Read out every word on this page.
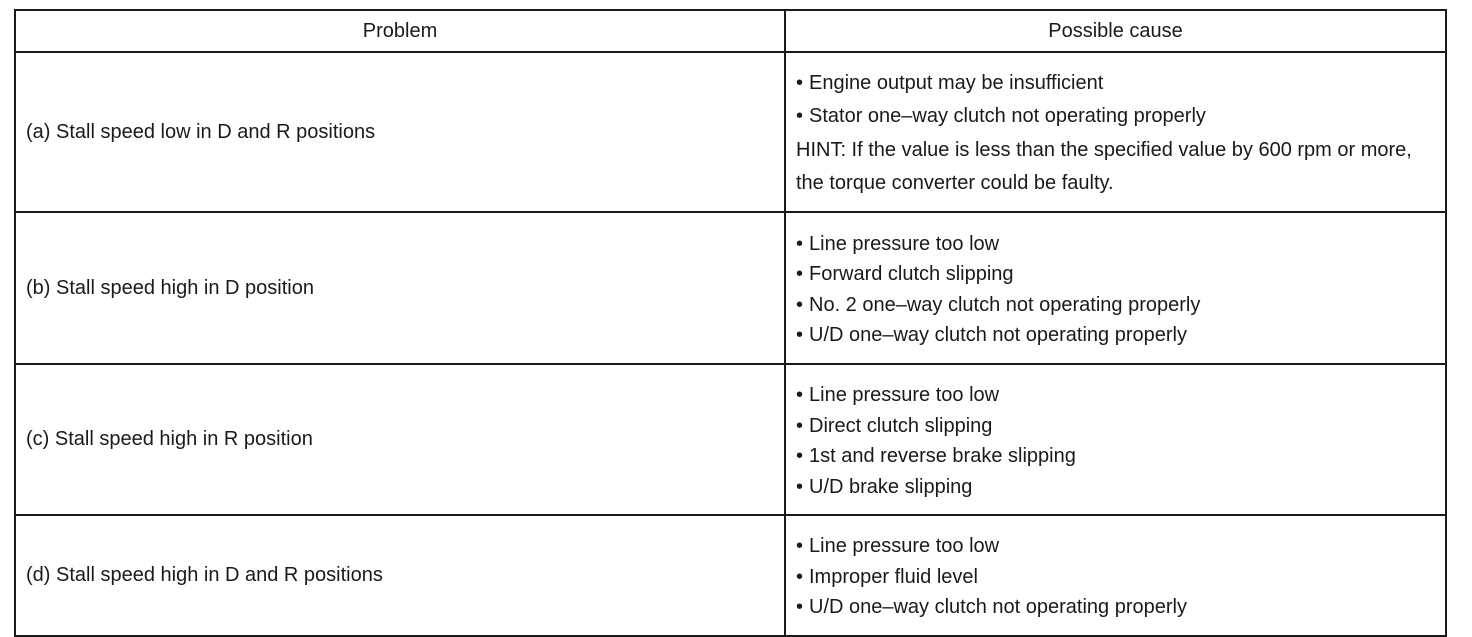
Problem	Possible cause
(a) Stall speed low in D and R positions	• Engine output may be insufficient
• Stator one–way clutch not operating properly
HINT: If the value is less than the specified value by 600 rpm or more, the torque converter could be faulty.

(b) Stall speed high in D position	• Line pressure too low
• Forward clutch slipping
• No. 2 one–way clutch not operating properly
• U/D one–way clutch not operating properly

(c) Stall speed high in R position	• Line pressure too low
• Direct clutch slipping
• 1st and reverse brake slipping
• U/D brake slipping

(d) Stall speed high in D and R positions	• Line pressure too low
• Improper fluid level
• U/D one–way clutch not operating properly
